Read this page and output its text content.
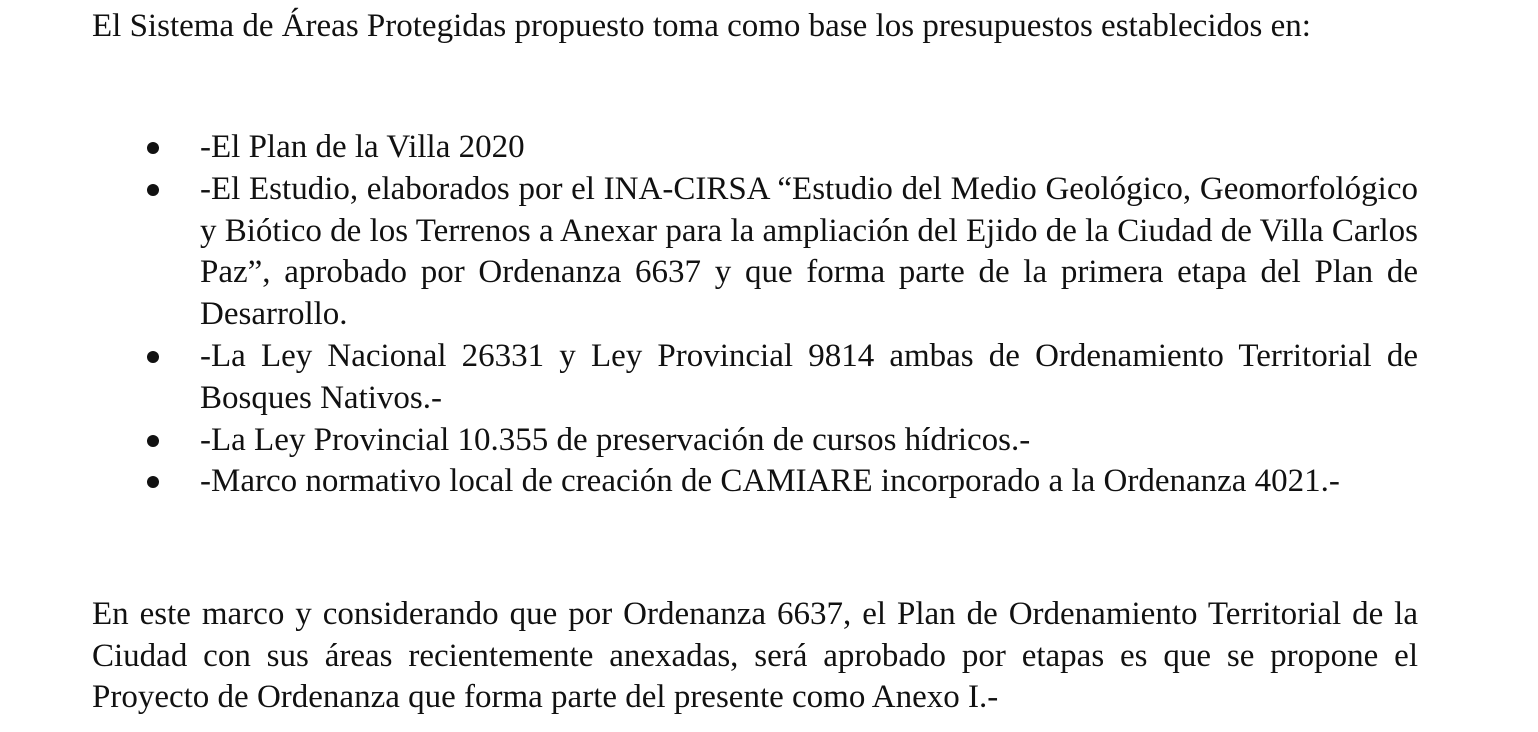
El Sistema de Áreas Protegidas propuesto toma como base los presupuestos establecidos en:

-El Plan de la Villa 2020
-El Estudio, elaborados por el INA-CIRSA “Estudio del Medio Geológico, Geomorfológico y Biótico de los Terrenos a Anexar para la ampliación del Ejido de la Ciudad de Villa Carlos Paz”, aprobado por Ordenanza 6637 y que forma parte de la primera etapa del Plan de Desarrollo.
-La Ley Nacional 26331 y Ley Provincial 9814 ambas de Ordenamiento Territorial de Bosques Nativos.-
-La Ley Provincial 10.355 de preservación de cursos hídricos.-
-Marco normativo local de creación de CAMIARE incorporado a la Ordenanza 4021.-

En este marco y considerando que por Ordenanza 6637, el Plan de Ordenamiento Territorial de la Ciudad con sus áreas recientemente anexadas, será aprobado por etapas es que se propone el Proyecto de Ordenanza que forma parte del presente como Anexo I.-
